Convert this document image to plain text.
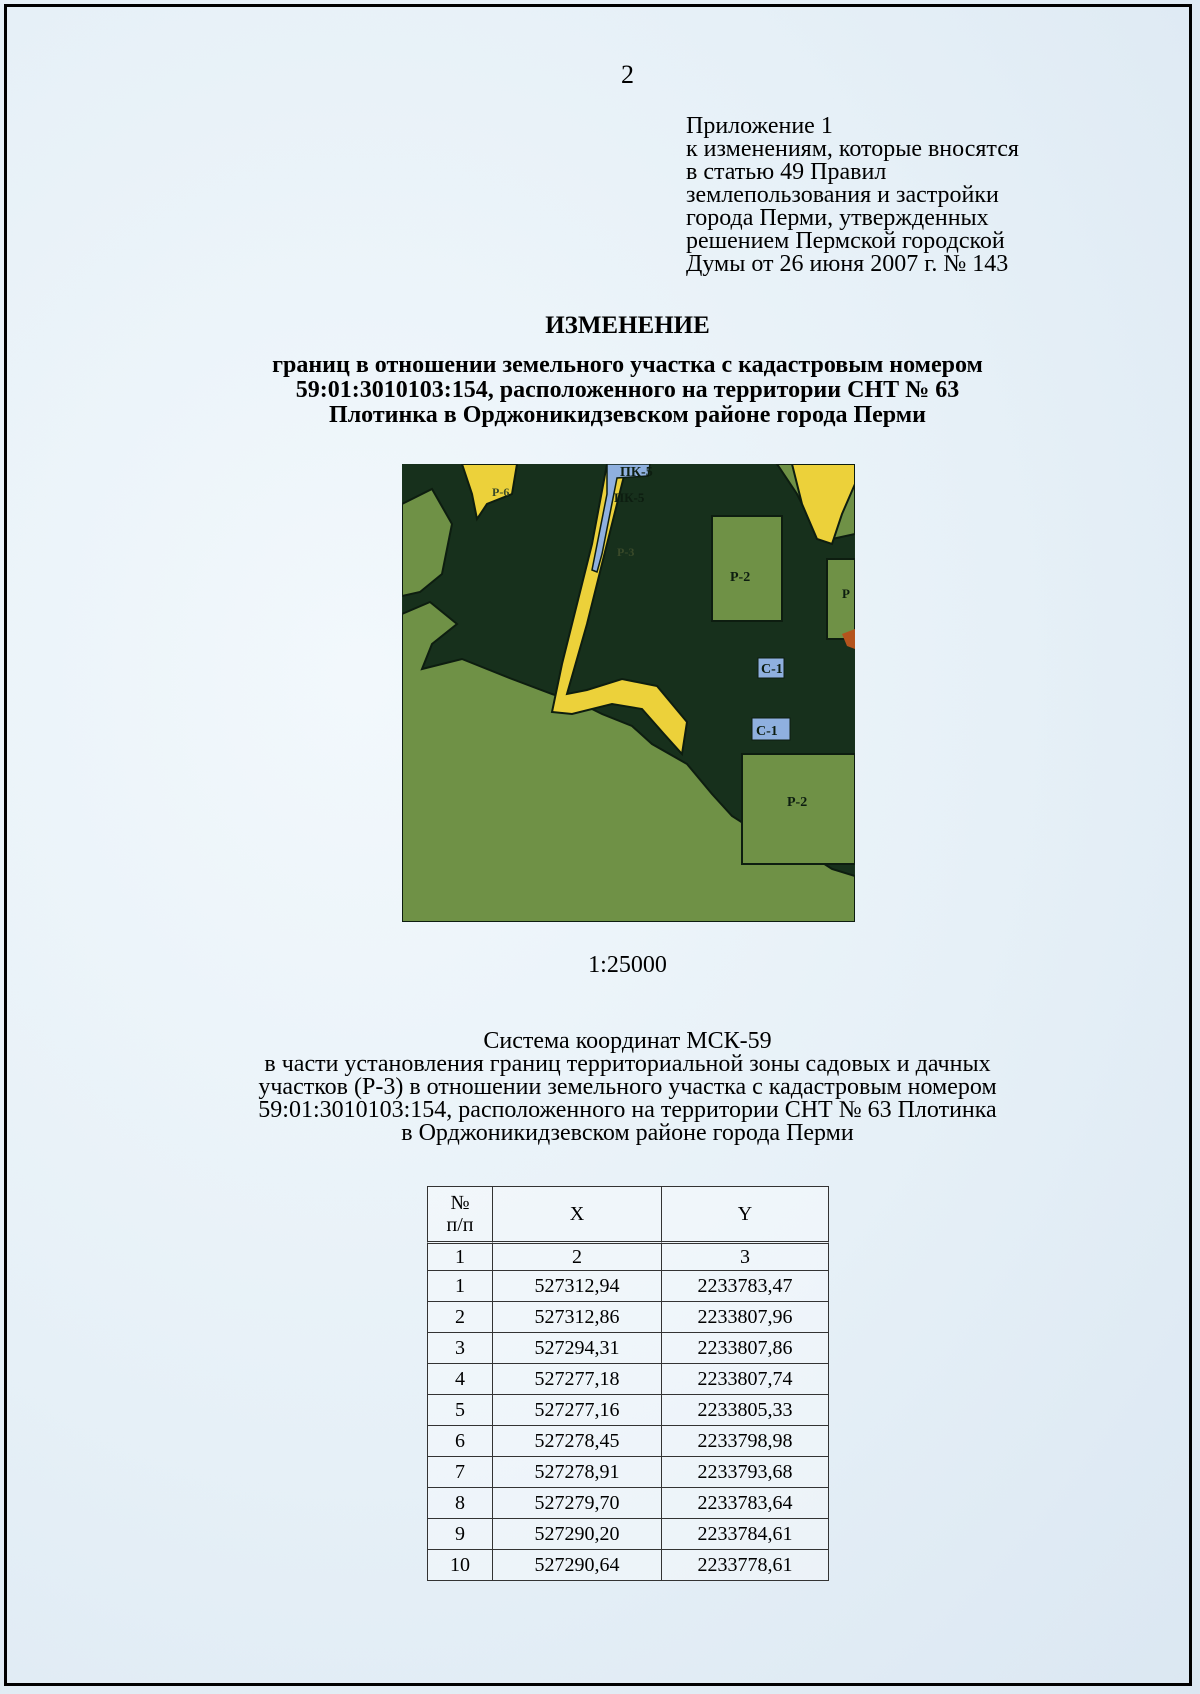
2
Приложение 1
к изменениям, которые вносятся
в статью 49 Правил
землепользования и застройки
города Перми, утвержденных
решением Пермской городской
Думы от 26 июня 2007 г. № 143
ИЗМЕНЕНИЕ
границ в отношении земельного участка с кадастровым номером
59:01:3010103:154, расположенного на территории СНТ № 63
Плотинка в Орджоникидзевском районе города Перми
ПК-5
ПК-5
Р-6
Р-3
Р-2
Р
С-1
С-1
Р-2
1:25000
Система координат МСК-59
в части установления границ территориальной зоны садовых и дачных
участков (Р-3) в отношении земельного участка с кадастровым номером
59:01:3010103:154, расположенного на территории СНТ № 63 Плотинка
в Орджоникидзевском районе города Перми
№
п/п	X	Y
1	2	3
1	527312,94	2233783,47
2	527312,86	2233807,96
3	527294,31	2233807,86
4	527277,18	2233807,74
5	527277,16	2233805,33
6	527278,45	2233798,98
7	527278,91	2233793,68
8	527279,70	2233783,64
9	527290,20	2233784,61
10	527290,64	2233778,61
